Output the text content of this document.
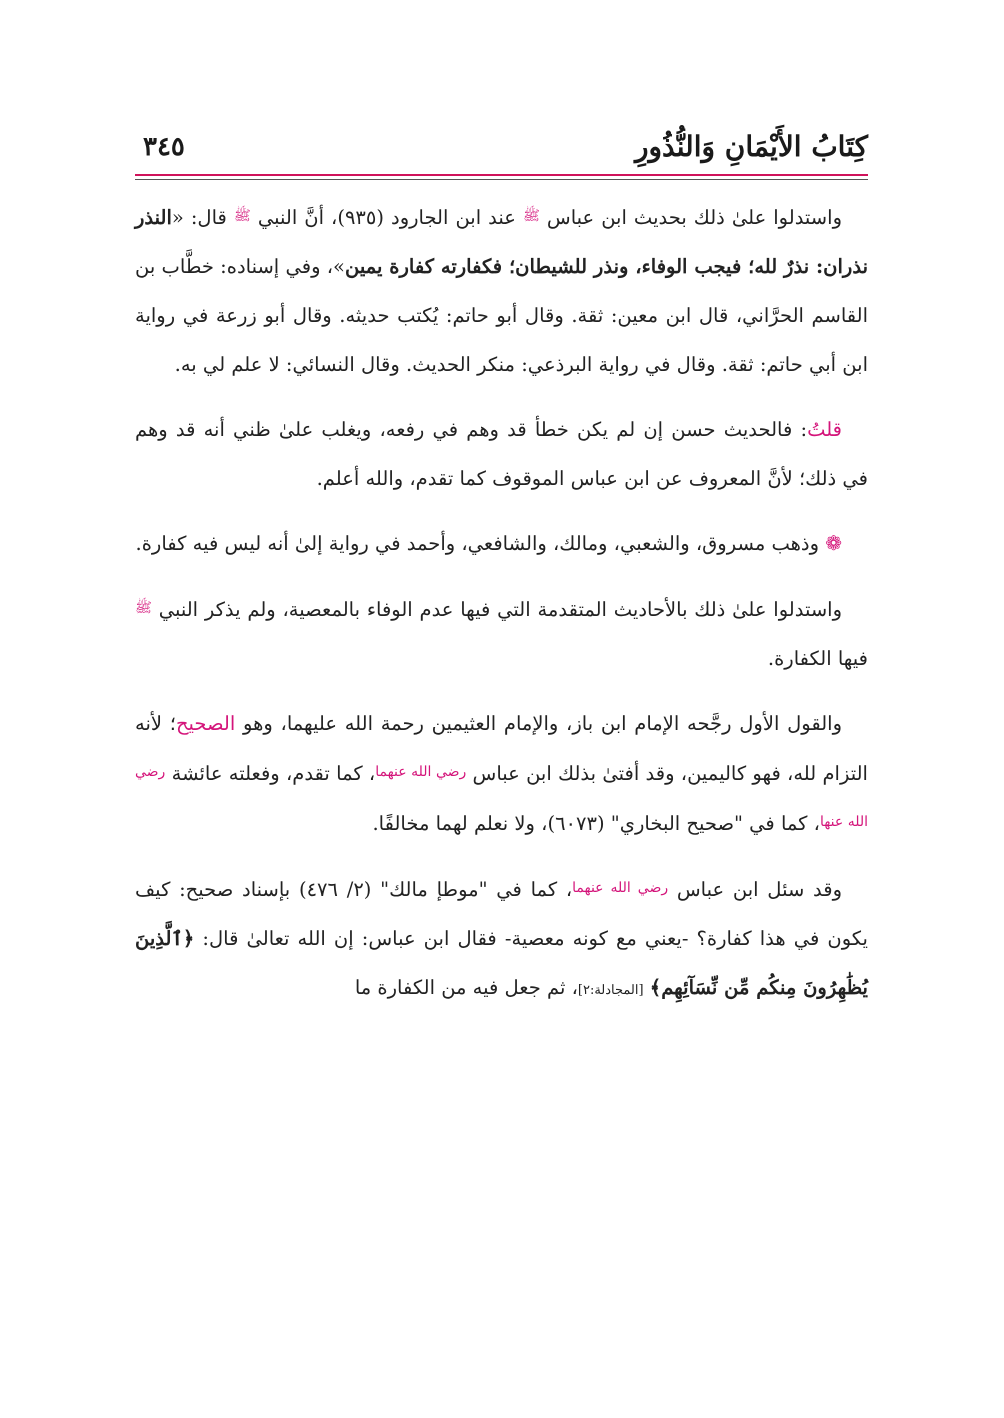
كِتَابُ الأَيْمَانِ وَالنُّذُورِ
٣٤٥

واستدلوا علىٰ ذلك بحديث ابن عباس $^ﷺ$ عند ابن الجارود (٩٣٥)، أنَّ النبي $^ﷺ$ قال: «النذر نذران: نذرٌ لله؛ فيجب الوفاء، ونذر للشيطان؛ فكفارته كفارة يمين»، وفي إسناده: خطَّاب بن القاسم الحرَّاني، قال ابن معين: ثقة. وقال أبو حاتم: يُكتب حديثه. وقال أبو زرعة في رواية ابن أبي حاتم: ثقة. وقال في رواية البرذعي: منكر الحديث. وقال النسائي: لا علم لي به.

قلتُ: فالحديث حسن إن لم يكن خطأ قد وهم في رفعه، ويغلب علىٰ ظني أنه قد وهم في ذلك؛ لأنَّ المعروف عن ابن عباس الموقوف كما تقدم، والله أعلم.

❁ وذهب مسروق، والشعبي، ومالك، والشافعي، وأحمد في رواية إلىٰ أنه ليس فيه كفارة.

واستدلوا علىٰ ذلك بالأحاديث المتقدمة التي فيها عدم الوفاء بالمعصية، ولم يذكر النبي $^ﷺ$ فيها الكفارة.

والقول الأول رجَّحه الإمام ابن باز، والإمام العثيمين رحمة الله عليهما، وهو الصحيح؛ لأنه التزام لله، فهو كاليمين، وقد أفتىٰ بذلك ابن عباس $^{رضي الله عنهما}$، كما تقدم، وفعلته عائشة $^{رضي الله عنها}$، كما في "صحيح البخاري" (٦٠٧٣)، ولا نعلم لهما مخالفًا.

وقد سئل ابن عباس $^{رضي الله عنهما}$، كما في "موطإ مالك" (٢/ ٤٧٦) بإسناد صحيح: كيف يكون في هذا كفارة؟ -يعني مع كونه معصية- فقال ابن عباس: إن الله تعالىٰ قال: ﴿ٱلَّذِينَ يُظَٰهِرُونَ مِنكُم مِّن نِّسَآئِهِم﴾ [المجادلة:٢]، ثم جعل فيه من الكفارة ما
